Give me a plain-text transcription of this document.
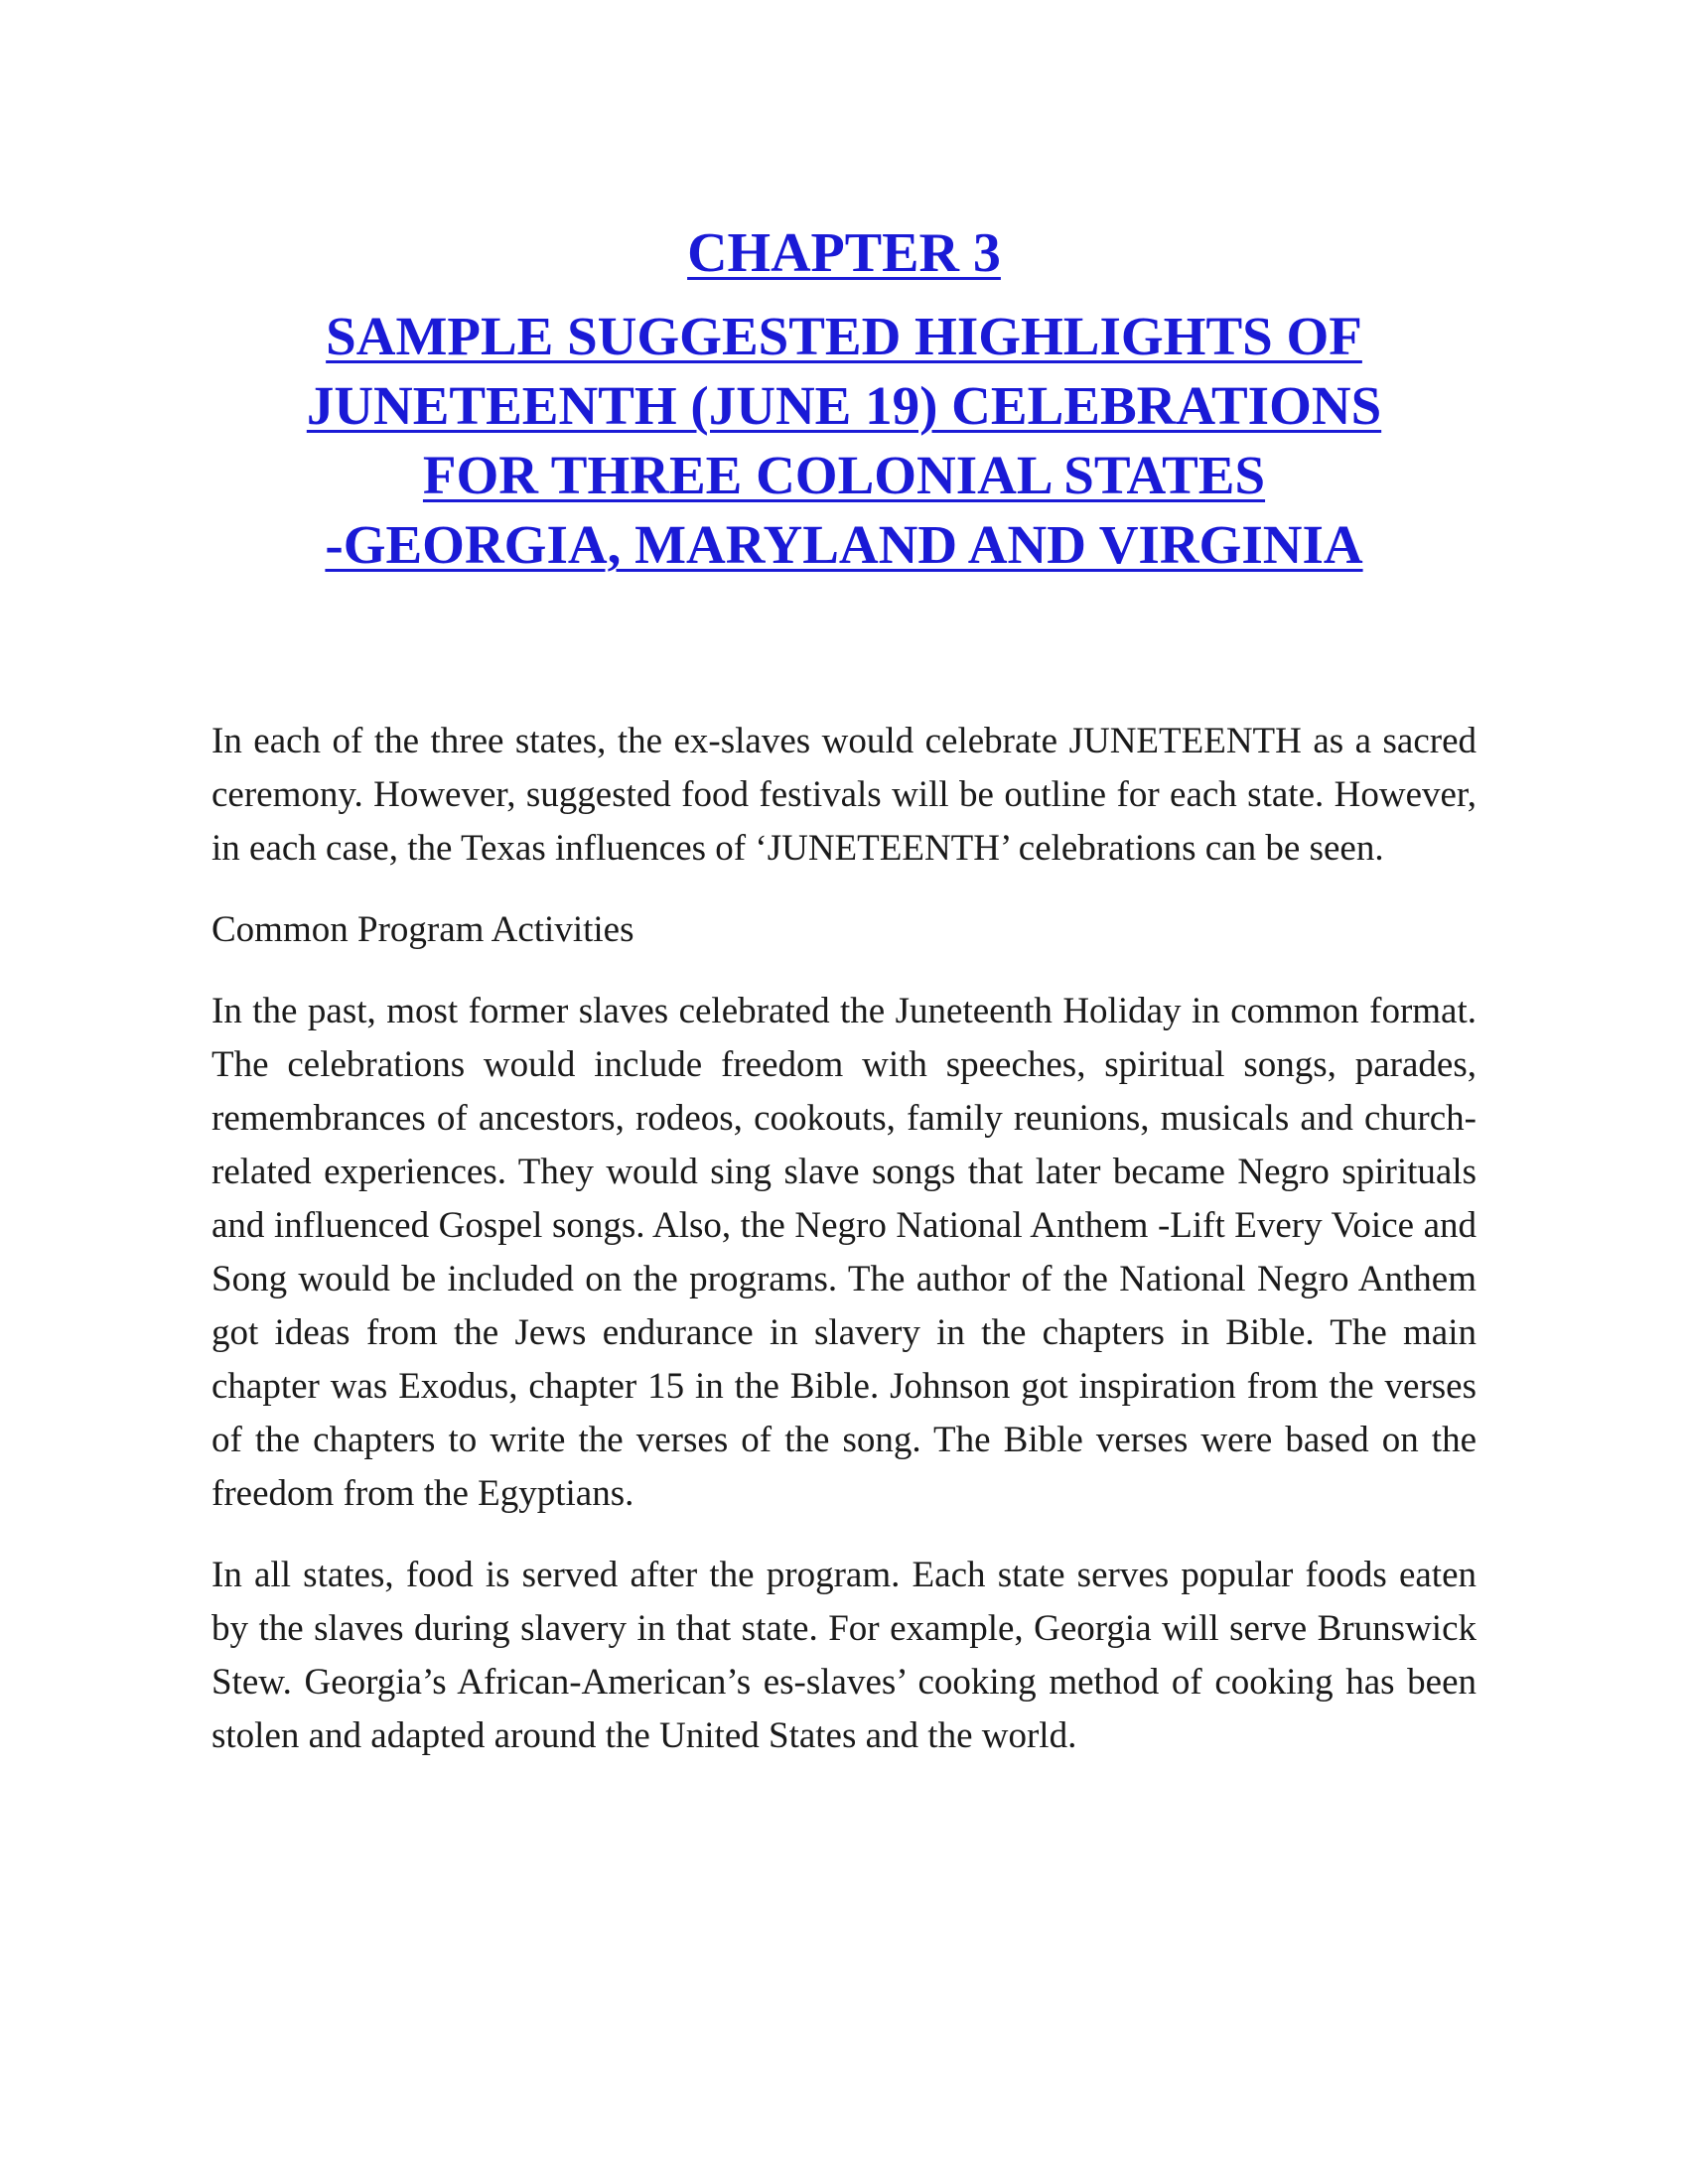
CHAPTER 3
SAMPLE SUGGESTED HIGHLIGHTS OF
JUNETEENTH (JUNE 19) CELEBRATIONS
FOR THREE COLONIAL STATES
-GEORGIA, MARYLAND AND VIRGINIA

In each of the three states, the ex-slaves would celebrate JUNETEENTH as a sacred ceremony. However, suggested food festivals will be outline for each state. However, in each case, the Texas influences of ‘JUNETEENTH’ celebrations can be seen.

Common Program Activities

In the past, most former slaves celebrated the Juneteenth Holiday in common format. The celebrations would include freedom with speeches, spiritual songs, parades, remembrances of ancestors, rodeos, cookouts, family reunions, musicals and church-related experiences. They would sing slave songs that later became Negro spirituals and influenced Gospel songs. Also, the Negro National Anthem -Lift Every Voice and Song would be included on the programs. The author of the National Negro Anthem got ideas from the Jews endurance in slavery in the chapters in Bible. The main chapter was Exodus, chapter 15 in the Bible. Johnson got inspiration from the verses of the chapters to write the verses of the song. The Bible verses were based on the freedom from the Egyptians.

In all states, food is served after the program. Each state serves popular foods eaten by the slaves during slavery in that state. For example, Georgia will serve Brunswick Stew. Georgia’s African-American’s es-slaves’ cooking method of cooking has been stolen and adapted around the United States and the world.
